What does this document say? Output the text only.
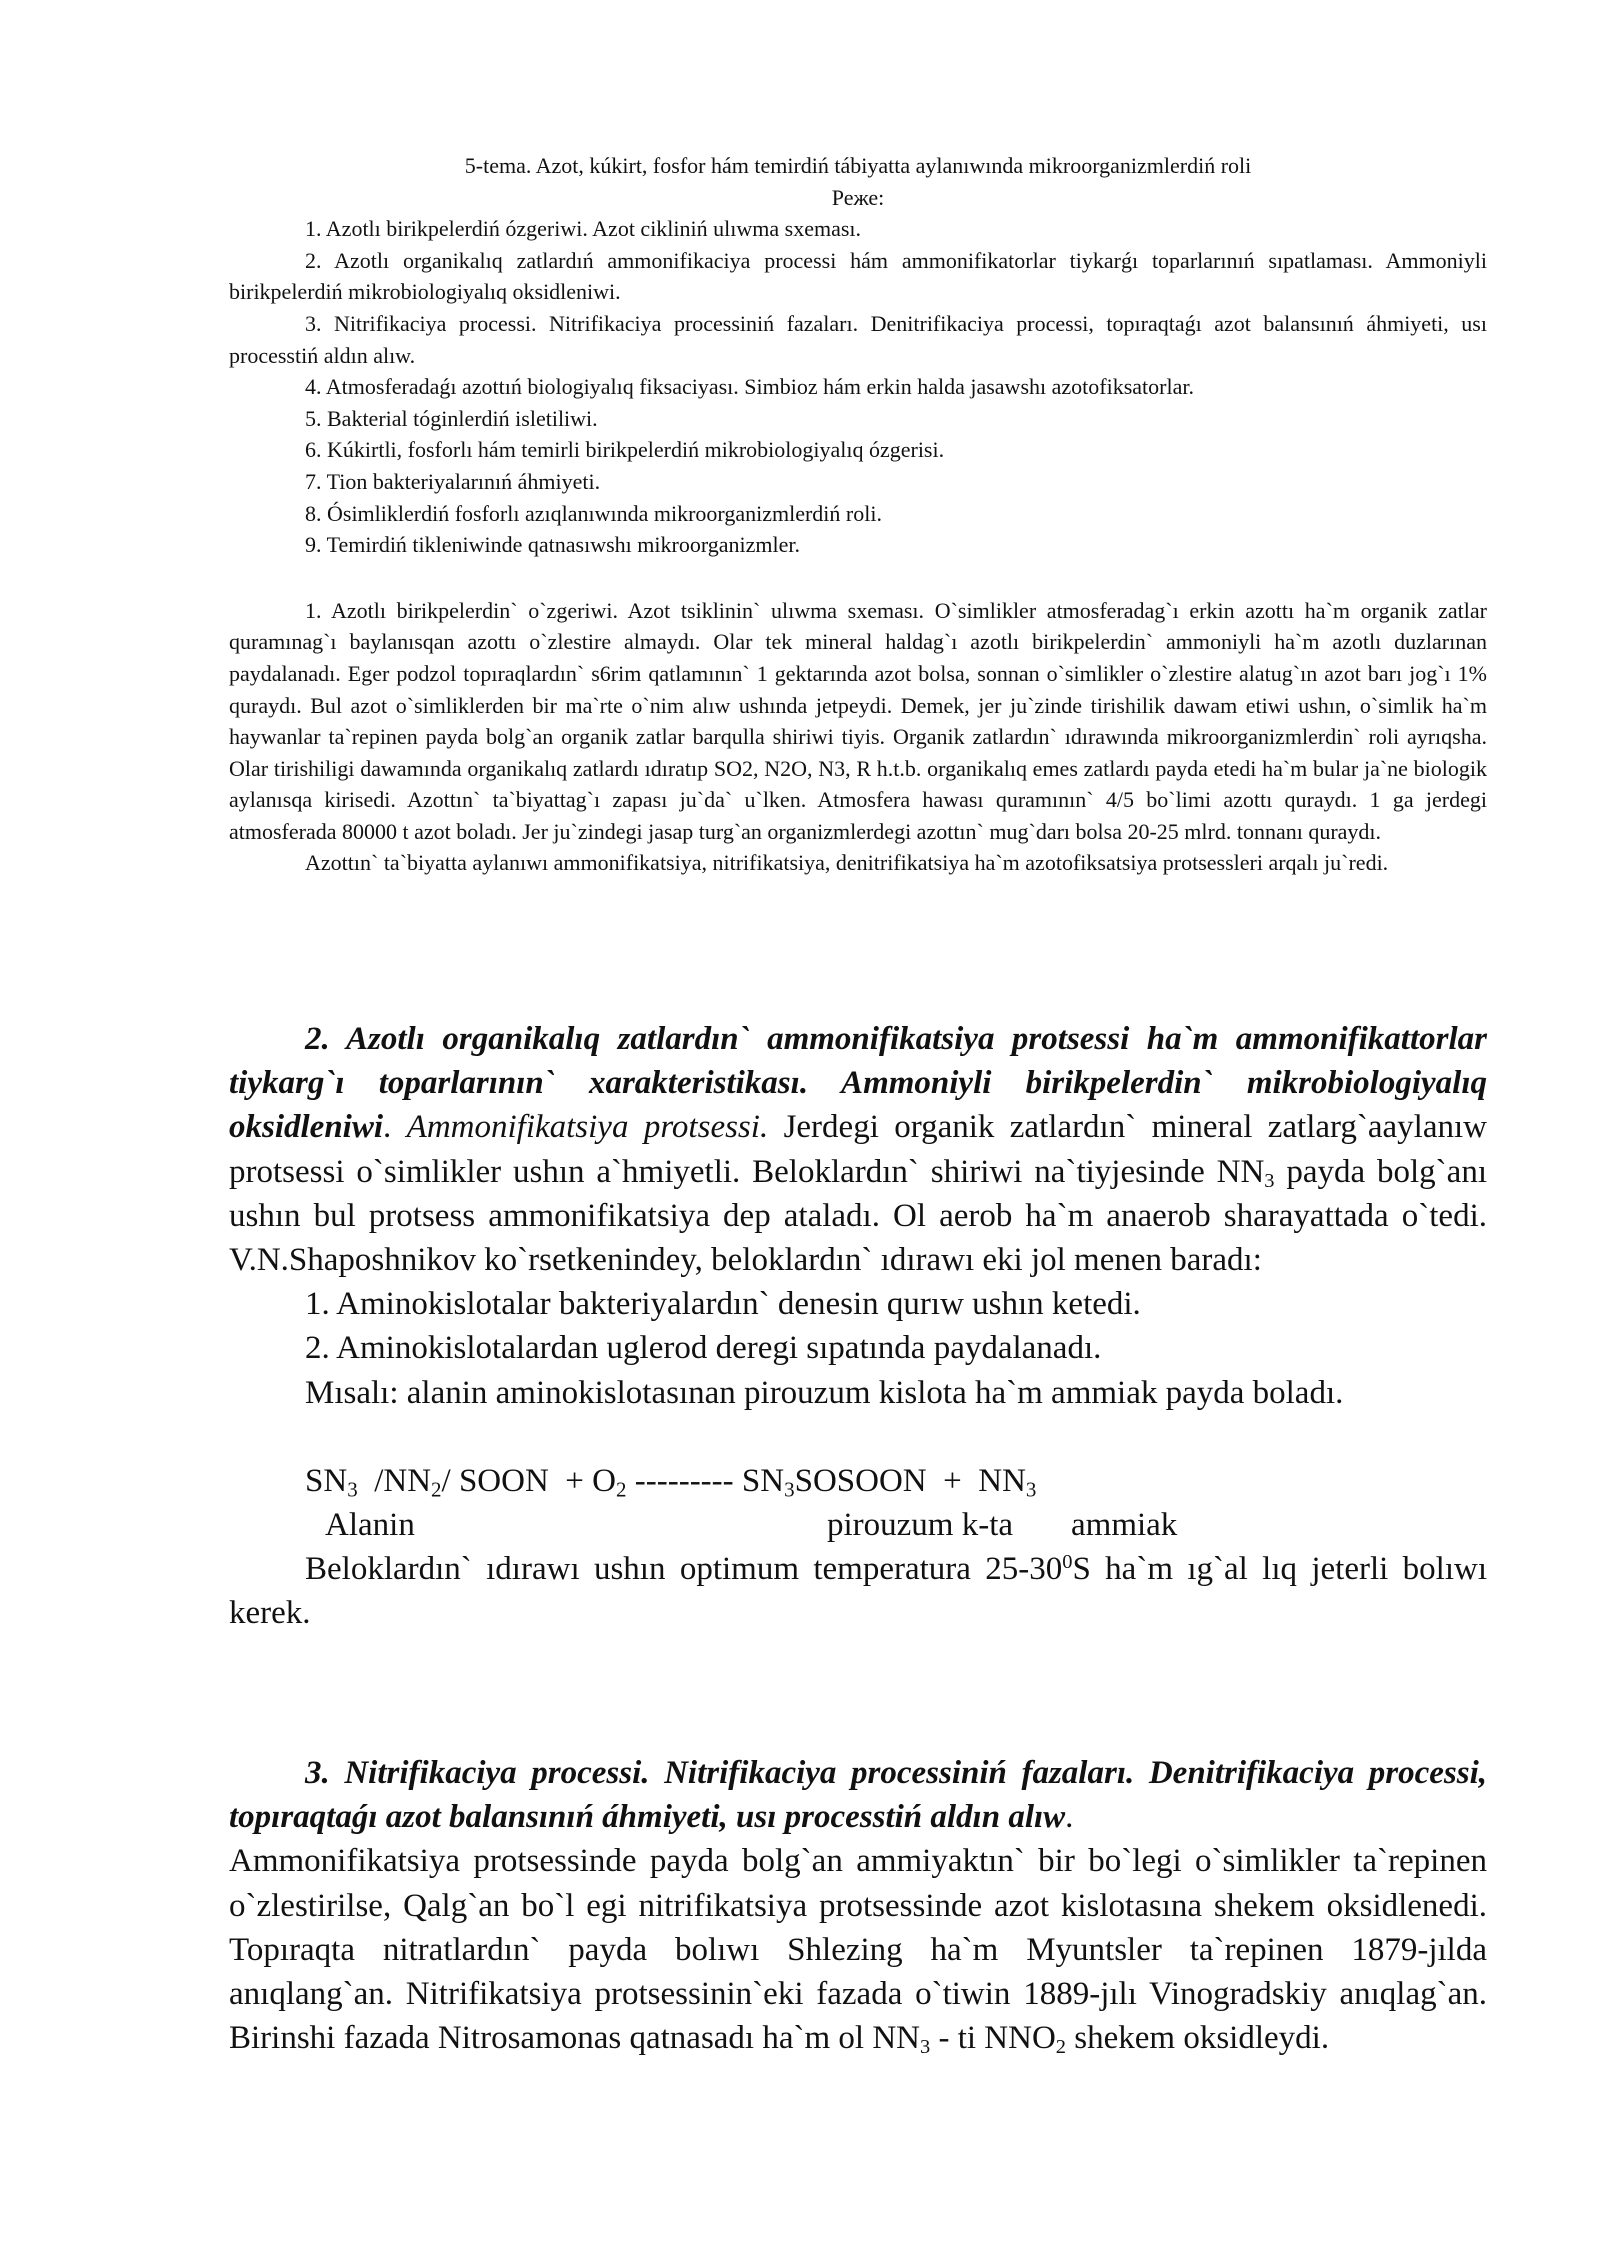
5-tema. Azot, kúkirt, fosfor hám temirdiń tábiyatta aylanıwında mikroorganizmlerdiń roli

Реже:

1. Azotlı birikpelerdiń ózgeriwi. Azot cikliniń ulıwma sxeması.

2. Azotlı organikalıq zatlardıń ammonifikaciya processi hám ammonifikatorlar tiykarǵı toparlarınıń sıpatlaması. Ammoniyli birikpelerdiń mikrobiologiyalıq oksidleniwi.

3. Nitrifikaciya processi. Nitrifikaciya processiniń fazaları. Denitrifikaciya processi, topıraqtaǵı azot balansınıń áhmiyeti, usı processtiń aldın alıw.

4. Atmosferadaǵı azottıń biologiyalıq fiksaciyası. Simbioz hám erkin halda jasawshı azotofiksatorlar.

5. Bakterial tóginlerdiń isletiliwi.

6. Kúkirtli, fosforlı hám temirli birikpelerdiń mikrobiologiyalıq ózgerisi.

7. Tion bakteriyalarınıń áhmiyeti.

8. Ósimliklerdiń fosforlı azıqlanıwında mikroorganizmlerdiń roli.

9. Temirdiń tikleniwinde qatnasıwshı mikroorganizmler.

1. Azotlı birikpelerdin` o`zgeriwi. Azot tsiklinin` ulıwma sxeması. O`simlikler atmosferadag`ı erkin azottı ha`m organik zatlar quramınag`ı baylanısqan azottı o`zlestire almaydı. Olar tek mineral haldag`ı azotlı birikpelerdin` ammoniyli ha`m azotlı duzlarınan paydalanadı. Eger podzol topıraqlardın` s6rim qatlamının` 1 gektarında azot bolsa, sonnan o`simlikler o`zlestire alatug`ın azot barı jog`ı 1% quraydı. Bul azot o`simliklerden bir ma`rte o`nim alıw ushında jetpeydi. Demek, jer ju`zinde tirishilik dawam etiwi ushın, o`simlik ha`m haywanlar ta`repinen payda bolg`an organik zatlar barqulla shiriwi tiyis. Organik zatlardın` ıdırawında mikroorganizmlerdin` roli ayrıqsha. Olar tirishiligi dawamında organikalıq zatlardı ıdıratıp SO2, N2O, N3, R h.t.b. organikalıq emes zatlardı payda etedi ha`m bular ja`ne biologik aylanısqa kirisedi. Azottın` ta`biyattag`ı zapası ju`da` u`lken. Atmosfera hawası quramının` 4/5 bo`limi azottı quraydı. 1 ga jerdegi atmosferada 80000 t azot boladı. Jer ju`zindegi jasap turg`an organizmlerdegi azottın` mug`darı bolsa 20-25 mlrd. tonnanı quraydı.

Azottın` ta`biyatta aylanıwı ammonifikatsiya, nitrifikatsiya, denitrifikatsiya ha`m azotofiksatsiya protsessleri arqalı ju`redi.

2. Azotlı organikalıq zatlardın` ammonifikatsiya protsessi ha`m ammonifikattorlar tiykarg`ı toparlarının` xarakteristikası. Ammoniyli birikpelerdin` mikrobiologiyalıq oksidleniwi. Ammonifikatsiya protsessi. Jerdegi organik zatlardın` mineral zatlarg`aaylanıw protsessi o`simlikler ushın a`hmiyetli. Beloklardın` shiriwi na`tiyjesinde $NN_3$ payda bolg`anı ushın bul protsess ammonifikatsiya dep ataladı. Ol aerob ha`m anaerob sharayattada o`tedi. V.N.Shaposhnikov ko`rsetkenindey, beloklardın` ıdırawı eki jol menen baradı:

1. Aminokislotalar bakteriyalardın` denesin qurıw ushın ketedi.

2. Aminokislotalardan uglerod deregi sıpatında paydalanadı.

Mısalı: alanin aminokislotasınan pirouzum kislota ha`m ammiak payda boladı.

$SN_3$  $/NN_2/$ SOON  + $O_2$ --------- $SN_3SOSOON + NN_3$

Alanin	pirouzum k-ta ammiak

Beloklardın` ıdırawı ushın optimum temperatura $25-30^0S$ ha`m ıg`al lıq jeterli bolıwı kerek.

3. Nitrifikaciya processi. Nitrifikaciya processiniń fazaları. Denitrifikaciya processi, topıraqtaǵı azot balansınıń áhmiyeti, usı processtiń aldın alıw.

Ammonifikatsiya protsessinde payda bolg`an ammiyaktın` bir bo`legi o`simlikler ta`repinen o`zlestirilse, Qalg`an bo`l egi nitrifikatsiya protsessinde azot kislotasına shekem oksidlenedi. Topıraqta nitratlardın` payda bolıwı Shlezing ha`m Myuntsler ta`repinen 1879-jılda anıqlang`an. Nitrifikatsiya protsessinin`eki fazada o`tiwin 1889-jılı Vinogradskiy anıqlag`an. Birinshi fazada Nitrosamonas qatnasadı ha`m ol $NN_3$ - ti $NNO_2$ shekem oksidleydi.
